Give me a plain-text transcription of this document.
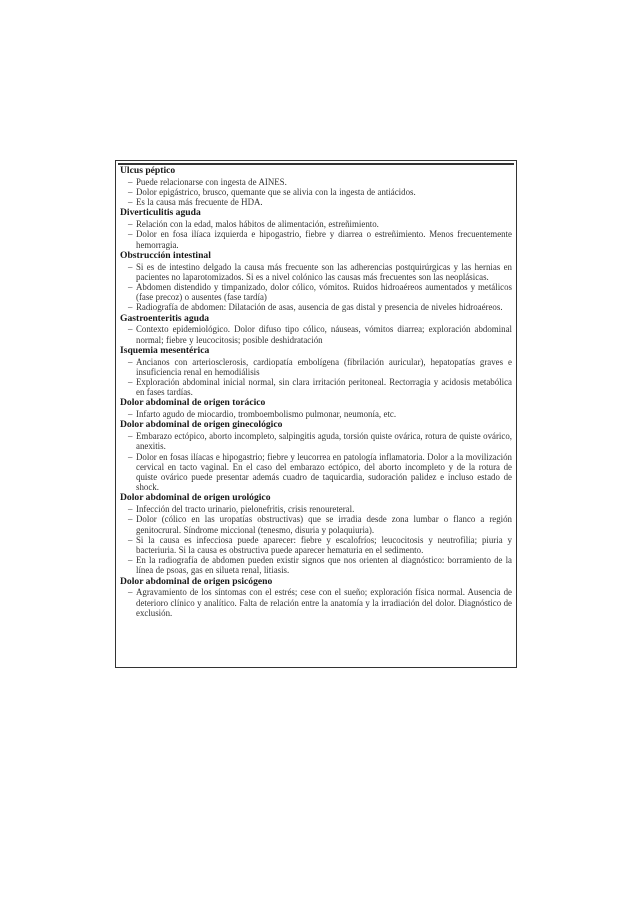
Ulcus péptico
– Puede relacionarse con ingesta de AINES.
– Dolor epigástrico, brusco, quemante que se alivia con la ingesta de antiácidos.
– Es la causa más frecuente de HDA.
Diverticulitis aguda
– Relación con la edad, malos hábitos de alimentación, estreñimiento.
– Dolor en fosa ilíaca izquierda e hipogastrio, fiebre y diarrea o estreñimiento. Menos frecuentemente hemorragia.
Obstrucción intestinal
– Si es de intestino delgado la causa más frecuente son las adherencias postquirúrgicas y las hernias en pacientes no laparotomizados. Si es a nivel colónico las causas más frecuentes son las neoplásicas.
– Abdomen distendido y timpanizado, dolor cólico, vómitos. Ruidos hidroaéreos aumentados y metálicos (fase precoz) o ausentes (fase tardía)
– Radiografía de abdomen: Dilatación de asas, ausencia de gas distal y presencia de niveles hidroaéreos.
Gastroenteritis aguda
– Contexto epidemiológico. Dolor difuso tipo cólico, náuseas, vómitos diarrea; exploración abdominal normal; fiebre y leucocitosis; posible deshidratación
Isquemia mesentérica
– Ancianos con arteriosclerosis, cardiopatía embolígena (fibrilación auricular), hepatopatías graves e insuficiencia renal en hemodiálisis
– Exploración abdominal inicial normal, sin clara irritación peritoneal. Rectorragia y acidosis metabólica en fases tardías.
Dolor abdominal de origen torácico
– Infarto agudo de miocardio, tromboembolismo pulmonar, neumonía, etc.
Dolor abdominal de origen ginecológico
– Embarazo ectópico, aborto incompleto, salpingitis aguda, torsión quiste ovárica, rotura de quiste ovárico, anexitis.
– Dolor en fosas ilíacas e hipogastrio; fiebre y leucorrea en patología inflamatoria. Dolor a la movilización cervical en tacto vaginal. En el caso del embarazo ectópico, del aborto incompleto y de la rotura de quiste ovárico puede presentar además cuadro de taquicardia, sudoración palidez e incluso estado de shock.
Dolor abdominal de origen urológico
– Infección del tracto urinario, pielonefritis, crisis renoureteral.
– Dolor (cólico en las uropatías obstructivas) que se irradia desde zona lumbar o flanco a región genitocrural. Síndrome miccional (tenesmo, disuria y polaquiuria).
– Si la causa es infecciosa puede aparecer: fiebre y escalofríos; leucocitosis y neutrofilia; piuria y bacteriuria. Si la causa es obstructiva puede aparecer hematuria en el sedimento.
– En la radiografía de abdomen pueden existir signos que nos orienten al diagnóstico: borramiento de la línea de psoas, gas en silueta renal, litiasis.
Dolor abdominal de origen psicógeno
– Agravamiento de los síntomas con el estrés; cese con el sueño; exploración física normal. Ausencia de deterioro clínico y analítico. Falta de relación entre la anatomía y la irradiación del dolor. Diagnóstico de exclusión.
